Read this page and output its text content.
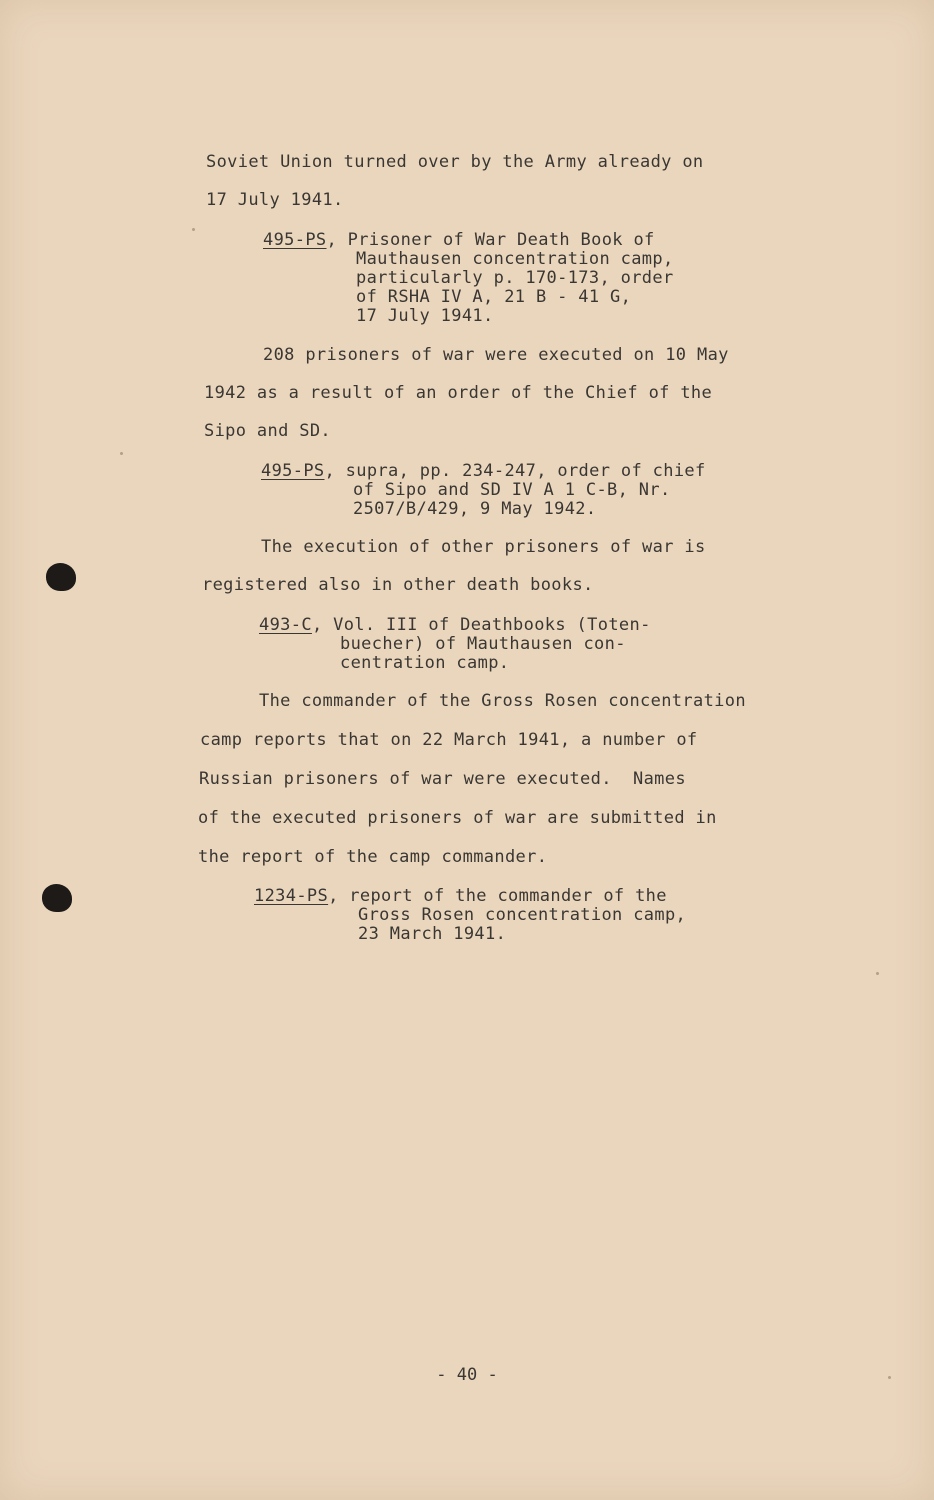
Soviet Union turned over by the Army already on
17 July 1941.
495-PS, Prisoner of War Death Book of
Mauthausen concentration camp,
particularly p. 170-173, order
of RSHA IV A, 21 B - 41 G,
17 July 1941.
208 prisoners of war were executed on 10 May
1942 as a result of an order of the Chief of the
Sipo and SD.
495-PS, supra, pp. 234-247, order of chief
of Sipo and SD IV A 1 C-B, Nr.
2507/B/429, 9 May 1942.
The execution of other prisoners of war is
registered also in other death books.
493-C, Vol. III of Deathbooks (Toten-
buecher) of Mauthausen con-
centration camp.
The commander of the Gross Rosen concentration
camp reports that on 22 March 1941, a number of
Russian prisoners of war were executed.  Names
of the executed prisoners of war are submitted in
the report of the camp commander.
1234-PS, report of the commander of the
Gross Rosen concentration camp,
23 March 1941.
- 40 -
